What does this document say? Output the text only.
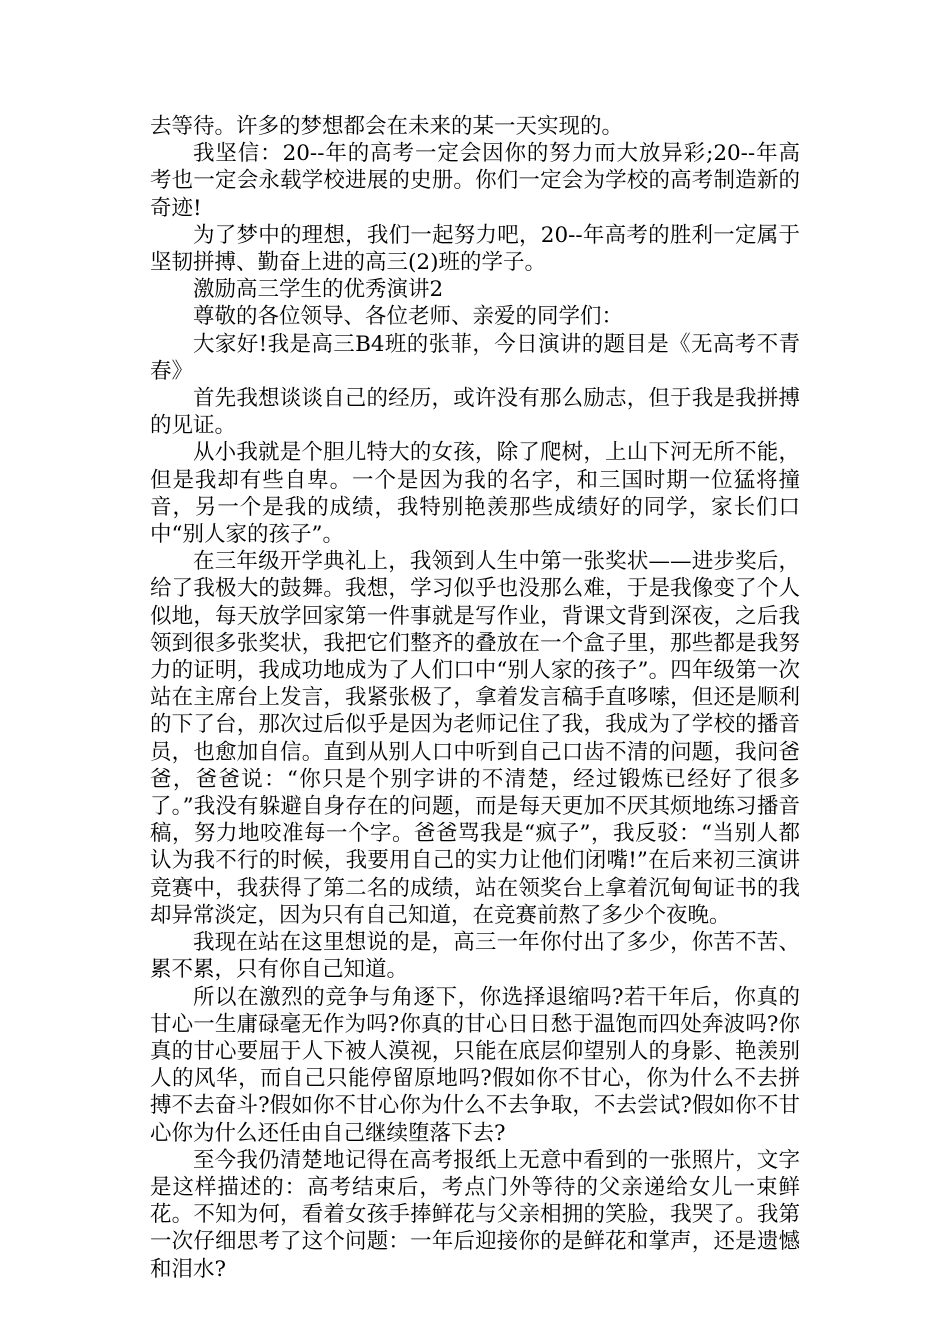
去等待。许多的梦想都会在未来的某一天实现的。

我坚信：20--年的高考一定会因你的努力而大放异彩;20--年高考也一定会永载学校进展的史册。你们一定会为学校的高考制造新的奇迹!

为了梦中的理想，我们一起努力吧，20--年高考的胜利一定属于坚韧拼搏、勤奋上进的高三(2)班的学子。

激励高三学生的优秀演讲2

尊敬的各位领导、各位老师、亲爱的同学们：

大家好!我是高三B4班的张菲，今日演讲的题目是《无高考不青春》

首先我想谈谈自己的经历，或许没有那么励志，但于我是我拼搏的见证。

从小我就是个胆儿特大的女孩，除了爬树，上山下河无所不能，但是我却有些自卑。一个是因为我的名字，和三国时期一位猛将撞音，另一个是我的成绩，我特别艳羡那些成绩好的同学，家长们口中“别人家的孩子”。

在三年级开学典礼上，我领到人生中第一张奖状——进步奖后，给了我极大的鼓舞。我想，学习似乎也没那么难，于是我像变了个人似地，每天放学回家第一件事就是写作业，背课文背到深夜，之后我领到很多张奖状，我把它们整齐的叠放在一个盒子里，那些都是我努力的证明，我成功地成为了人们口中“别人家的孩子”。四年级第一次站在主席台上发言，我紧张极了，拿着发言稿手直哆嗦，但还是顺利的下了台，那次过后似乎是因为老师记住了我，我成为了学校的播音员，也愈加自信。直到从别人口中听到自己口齿不清的问题，我问爸爸，爸爸说：“你只是个别字讲的不清楚，经过锻炼已经好了很多了。”我没有躲避自身存在的问题，而是每天更加不厌其烦地练习播音稿，努力地咬准每一个字。爸爸骂我是“疯子”，我反驳：“当别人都认为我不行的时候，我要用自己的实力让他们闭嘴!”在后来初三演讲竞赛中，我获得了第二名的成绩，站在领奖台上拿着沉甸甸证书的我却异常淡定，因为只有自己知道，在竞赛前熬了多少个夜晚。

我现在站在这里想说的是，高三一年你付出了多少，你苦不苦、累不累，只有你自己知道。

所以在激烈的竞争与角逐下，你选择退缩吗?若干年后，你真的甘心一生庸碌毫无作为吗?你真的甘心日日愁于温饱而四处奔波吗?你真的甘心要屈于人下被人漠视，只能在底层仰望别人的身影、艳羡别人的风华，而自己只能停留原地吗?假如你不甘心，你为什么不去拼搏不去奋斗?假如你不甘心你为什么不去争取，不去尝试?假如你不甘心你为什么还任由自己继续堕落下去?

至今我仍清楚地记得在高考报纸上无意中看到的一张照片，文字是这样描述的：高考结束后，考点门外等待的父亲递给女儿一束鲜花。不知为何，看着女孩手捧鲜花与父亲相拥的笑脸，我哭了。我第一次仔细思考了这个问题：一年后迎接你的是鲜花和掌声，还是遗憾和泪水?
